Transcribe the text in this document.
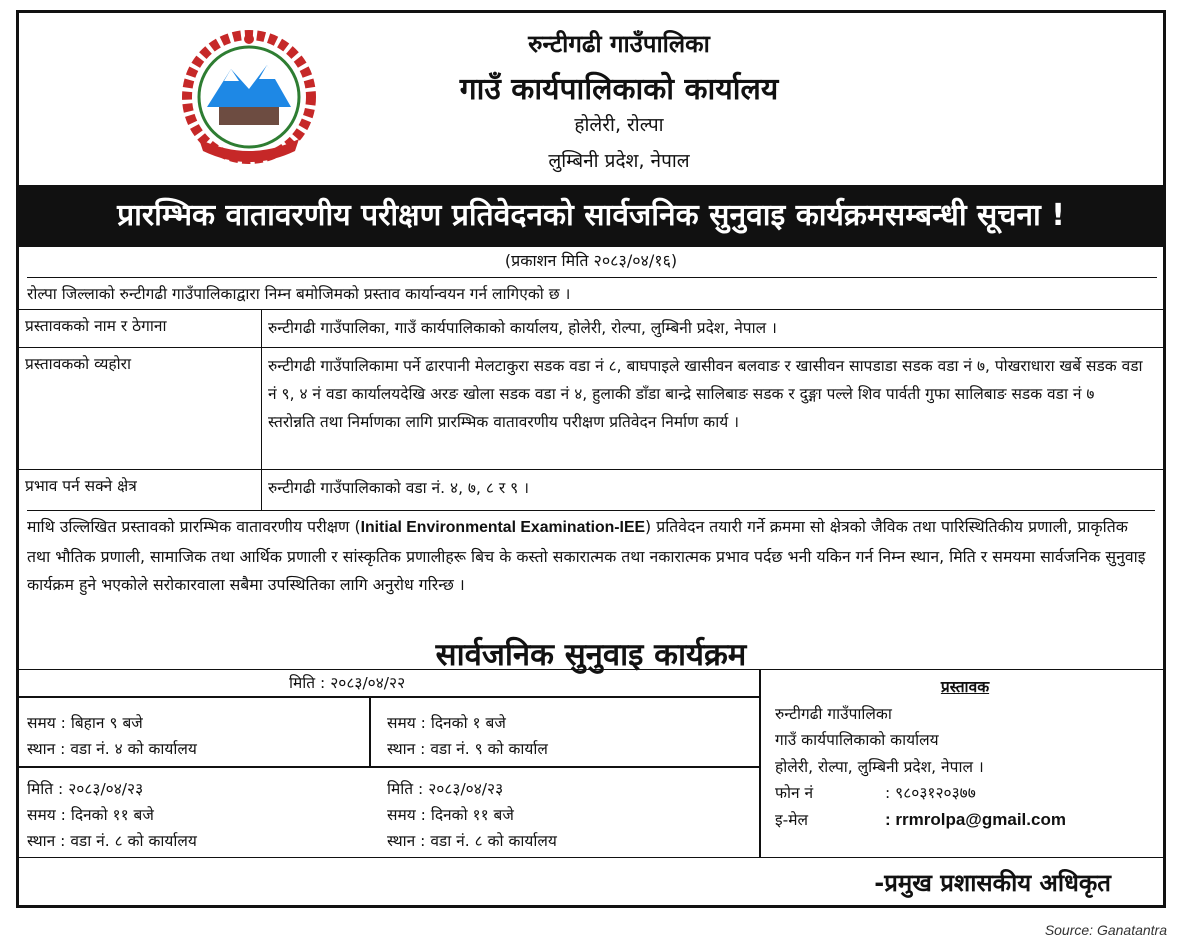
रुन्टीगढी गाउँपालिका
गाउँ कार्यपालिकाको कार्यालय
होलेरी, रोल्पा
लुम्बिनी प्रदेश, नेपाल
प्रारम्भिक वातावरणीय परीक्षण प्रतिवेदनको सार्वजनिक सुनुवाइ कार्यक्रमसम्बन्धी सूचना !
(प्रकाशन मिति २०८३/०४/१६)
रोल्पा जिल्लाको रुन्टीगढी गाउँपालिकाद्वारा निम्न बमोजिमको प्रस्ताव कार्यान्वयन गर्न लागिएको छ ।
प्रस्तावकको नाम र ठेगाना	रुन्टीगढी गाउँपालिका, गाउँ कार्यपालिकाको कार्यालय, होलेरी, रोल्पा, लुम्बिनी प्रदेश, नेपाल ।
प्रस्तावकको व्यहोरा	रुन्टीगढी गाउँपालिकामा पर्ने ढारपानी मेलटाकुरा सडक वडा नं ८, बाघपाइले खासीवन बलवाङ र खासीवन सापडाडा सडक वडा नं ७, पोखराधारा खर्बे सडक वडा नं ९, ४ नं वडा कार्यालयदेखि अरङ खोला सडक वडा नं ४, हुलाकी डाँडा बान्द्रे सालिबाङ सडक र दुङ्गा पल्ले शिव पार्वती गुफा सालिबाङ सडक वडा नं ७ स्तरोन्नति तथा निर्माणका लागि प्रारम्भिक वातावरणीय परीक्षण प्रतिवेदन निर्माण कार्य ।
प्रभाव पर्न सक्ने क्षेत्र	रुन्टीगढी गाउँपालिकाको वडा नं. ४, ७, ८ र ९ ।
माथि उल्लिखित प्रस्तावको प्रारम्भिक वातावरणीय परीक्षण (Initial Environmental Examination-IEE) प्रतिवेदन तयारी गर्ने क्रममा सो क्षेत्रको जैविक तथा पारिस्थितिकीय प्रणाली, प्राकृतिक तथा भौतिक प्रणाली, सामाजिक तथा आर्थिक प्रणाली र सांस्कृतिक प्रणालीहरू बिच के कस्तो सकारात्मक तथा नकारात्मक प्रभाव पर्दछ भनी यकिन गर्न निम्न स्थान, मिति र समयमा सार्वजनिक सुनुवाइ कार्यक्रम हुने भएकोले सरोकारवाला सबैमा उपस्थितिका लागि अनुरोध गरिन्छ ।
सार्वजनिक सुनुवाइ कार्यक्रम
मिति : २०८३/०४/२२
समय : बिहान ९ बजे
स्थान : वडा नं. ४ को कार्यालय
समय : दिनको १ बजे
स्थान : वडा नं. ९ को कार्याल
मिति : २०८३/०४/२३
समय : दिनको ११ बजे
स्थान : वडा नं. ८ को कार्यालय
मिति : २०८३/०४/२३
समय : दिनको ११ बजे
स्थान : वडा नं. ८ को कार्यालय
प्रस्तावक
रुन्टीगढी गाउँपालिका
गाउँ कार्यपालिकाको कार्यालय
होलेरी, रोल्पा, लुम्बिनी प्रदेश, नेपाल ।
फोन नं	: ९८०३१२०३७७
इ-मेल	: rrmrolpa@gmail.com
-प्रमुख प्रशासकीय अधिकृत
Source: Ganatantra
